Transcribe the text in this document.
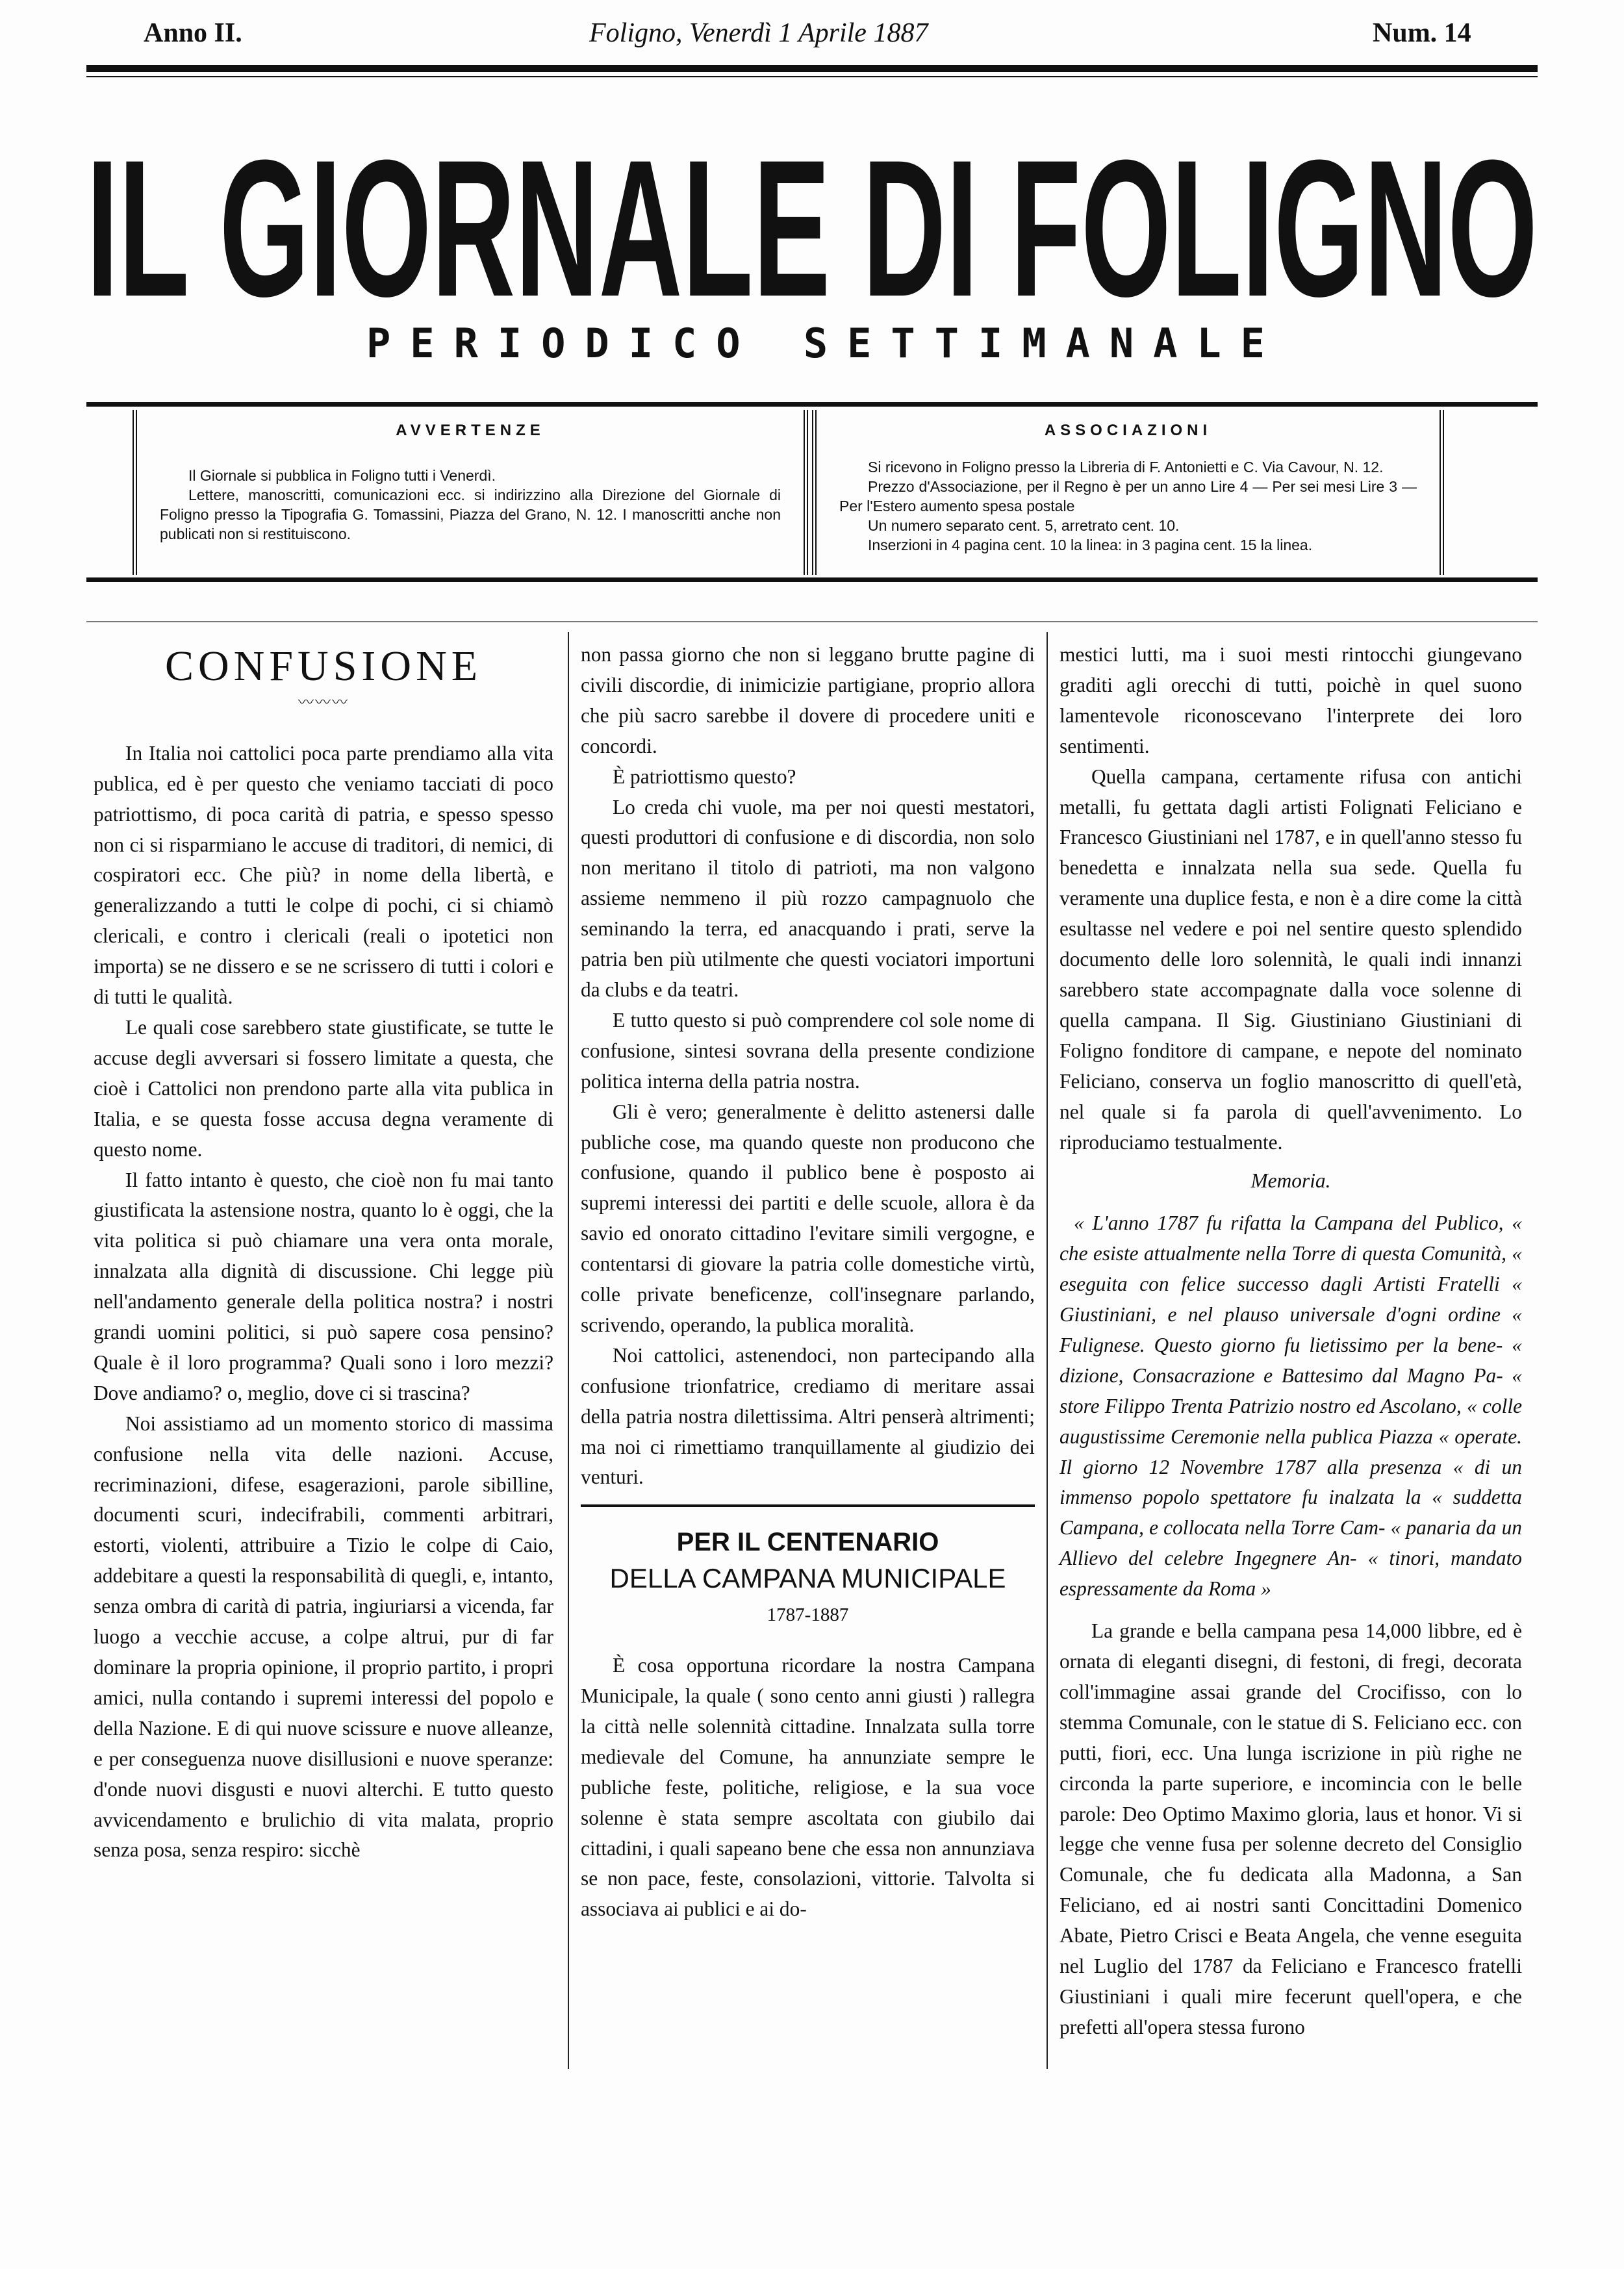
Anno II.	Foligno, Venerdì 1 Aprile 1887	Num. 14
IL GIORNALE DI FOLIGNO
PERIODICO SETTIMANALE
AVVERTENZE

Il Giornale si pubblica in Foligno tutti i Venerdì.

Lettere, manoscritti, comunicazioni ecc. si indirizzino alla Direzione del Giornale di Foligno presso la Tipografia G. Tomassini, Piazza del Grano, N. 12. I manoscritti anche non publicati non si restituiscono.

ASSOCIAZIONI

Si ricevono in Foligno presso la Libreria di F. Antonietti e C. Via Cavour, N. 12.

Prezzo d'Associazione, per il Regno è per un anno Lire 4 — Per sei mesi Lire 3 — Per l'Estero aumento spesa postale

Un numero separato cent. 5, arretrato cent. 10.

Inserzioni in 4 pagina cent. 10 la linea: in 3 pagina cent. 15 la linea.

CONFUSIONE
〰〰〰

In Italia noi cattolici poca parte prendiamo alla vita publica, ed è per questo che veniamo tacciati di poco patriottismo, di poca carità di patria, e spesso spesso non ci si risparmiano le accuse di traditori, di nemici, di cospiratori ecc. Che più? in nome della libertà, e generalizzando a tutti le colpe di pochi, ci si chiamò clericali, e contro i clericali (reali o ipotetici non importa) se ne dissero e se ne scrissero di tutti i colori e di tutti le qualità.

Le quali cose sarebbero state giustificate, se tutte le accuse degli avversari si fossero limitate a questa, che cioè i Cattolici non prendono parte alla vita publica in Italia, e se questa fosse accusa degna veramente di questo nome.

Il fatto intanto è questo, che cioè non fu mai tanto giustificata la astensione nostra, quanto lo è oggi, che la vita politica si può chiamare una vera onta morale, innalzata alla dignità di discussione. Chi legge più nell'andamento generale della politica nostra? i nostri grandi uomini politici, si può sapere cosa pensino? Quale è il loro programma? Quali sono i loro mezzi? Dove andiamo? o, meglio, dove ci si trascina?

Noi assistiamo ad un momento storico di massima confusione nella vita delle nazioni. Accuse, recriminazioni, difese, esagerazioni, parole sibilline, documenti scuri, indecifrabili, commenti arbitrari, estorti, violenti, attribuire a Tizio le colpe di Caio, addebitare a questi la responsabilità di quegli, e, intanto, senza ombra di carità di patria, ingiuriarsi a vicenda, far luogo a vecchie accuse, a colpe altrui, pur di far dominare la propria opinione, il proprio partito, i propri amici, nulla contando i supremi interessi del popolo e della Nazione. E di qui nuove scissure e nuove alleanze, e per conseguenza nuove disillusioni e nuove speranze: d'onde nuovi disgusti e nuovi alterchi. E tutto questo avvicendamento e brulichio di vita malata, proprio senza posa, senza respiro: sicchè

non passa giorno che non si leggano brutte pagine di civili discordie, di inimicizie partigiane, proprio allora che più sacro sarebbe il dovere di procedere uniti e concordi.

È patriottismo questo?

Lo creda chi vuole, ma per noi questi mestatori, questi produttori di confusione e di discordia, non solo non meritano il titolo di patrioti, ma non valgono assieme nemmeno il più rozzo campagnuolo che seminando la terra, ed anacquando i prati, serve la patria ben più utilmente che questi vociatori importuni da clubs e da teatri.

E tutto questo si può comprendere col sole nome di confusione, sintesi sovrana della presente condizione politica interna della patria nostra.

Gli è vero; generalmente è delitto astenersi dalle publiche cose, ma quando queste non producono che confusione, quando il publico bene è posposto ai supremi interessi dei partiti e delle scuole, allora è da savio ed onorato cittadino l'evitare simili vergogne, e contentarsi di giovare la patria colle domestiche virtù, colle private beneficenze, coll'insegnare parlando, scrivendo, operando, la publica moralità.

Noi cattolici, astenendoci, non partecipando alla confusione trionfatrice, crediamo di meritare assai della patria nostra dilettissima. Altri penserà altrimenti; ma noi ci rimettiamo tranquillamente al giudizio dei venturi.

PER IL CENTENARIO
DELLA CAMPANA MUNICIPALE
1787-1887

È cosa opportuna ricordare la nostra Campana Municipale, la quale ( sono cento anni giusti ) rallegra la città nelle solennità cittadine. Innalzata sulla torre medievale del Comune, ha annunziate sempre le publiche feste, politiche, religiose, e la sua voce solenne è stata sempre ascoltata con giubilo dai cittadini, i quali sapeano bene che essa non annunziava se non pace, feste, consolazioni, vittorie. Talvolta si associava ai publici e ai do-

mestici lutti, ma i suoi mesti rintocchi giungevano graditi agli orecchi di tutti, poichè in quel suono lamentevole riconoscevano l'interprete dei loro sentimenti.

Quella campana, certamente rifusa con antichi metalli, fu gettata dagli artisti Folignati Feliciano e Francesco Giustiniani nel 1787, e in quell'anno stesso fu benedetta e innalzata nella sua sede. Quella fu veramente una duplice festa, e non è a dire come la città esultasse nel vedere e poi nel sentire questo splendido documento delle loro solennità, le quali indi innanzi sarebbero state accompagnate dalla voce solenne di quella campana. Il Sig. Giustiniano Giustiniani di Foligno fonditore di campane, e nepote del nominato Feliciano, conserva un foglio manoscritto di quell'età, nel quale si fa parola di quell'avvenimento. Lo riproduciamo testualmente.

Memoria.

« L'anno 1787 fu rifatta la Campana del Publico, « che esiste attualmente nella Torre di questa Comunità, « eseguita con felice successo dagli Artisti Fratelli « Giustiniani, e nel plauso universale d'ogni ordine « Fulignese. Questo giorno fu lietissimo per la bene- « dizione, Consacrazione e Battesimo dal Magno Pa- « store Filippo Trenta Patrizio nostro ed Ascolano, « colle augustissime Ceremonie nella publica Piazza « operate. Il giorno 12 Novembre 1787 alla presenza « di un immenso popolo spettatore fu inalzata la « suddetta Campana, e collocata nella Torre Cam- « panaria da un Allievo del celebre Ingegnere An- « tinori, mandato espressamente da Roma »

La grande e bella campana pesa 14,000 libbre, ed è ornata di eleganti disegni, di festoni, di fregi, decorata coll'immagine assai grande del Crocifisso, con lo stemma Comunale, con le statue di S. Feliciano ecc. con putti, fiori, ecc. Una lunga iscrizione in più righe ne circonda la parte superiore, e incomincia con le belle parole: Deo Optimo Maximo gloria, laus et honor. Vi si legge che venne fusa per solenne decreto del Consiglio Comunale, che fu dedicata alla Madonna, a San Feliciano, ed ai nostri santi Concittadini Domenico Abate, Pietro Crisci e Beata Angela, che venne eseguita nel Luglio del 1787 da Feliciano e Francesco fratelli Giustiniani i quali mire fecerunt quell'opera, e che prefetti all'opera stessa furono
